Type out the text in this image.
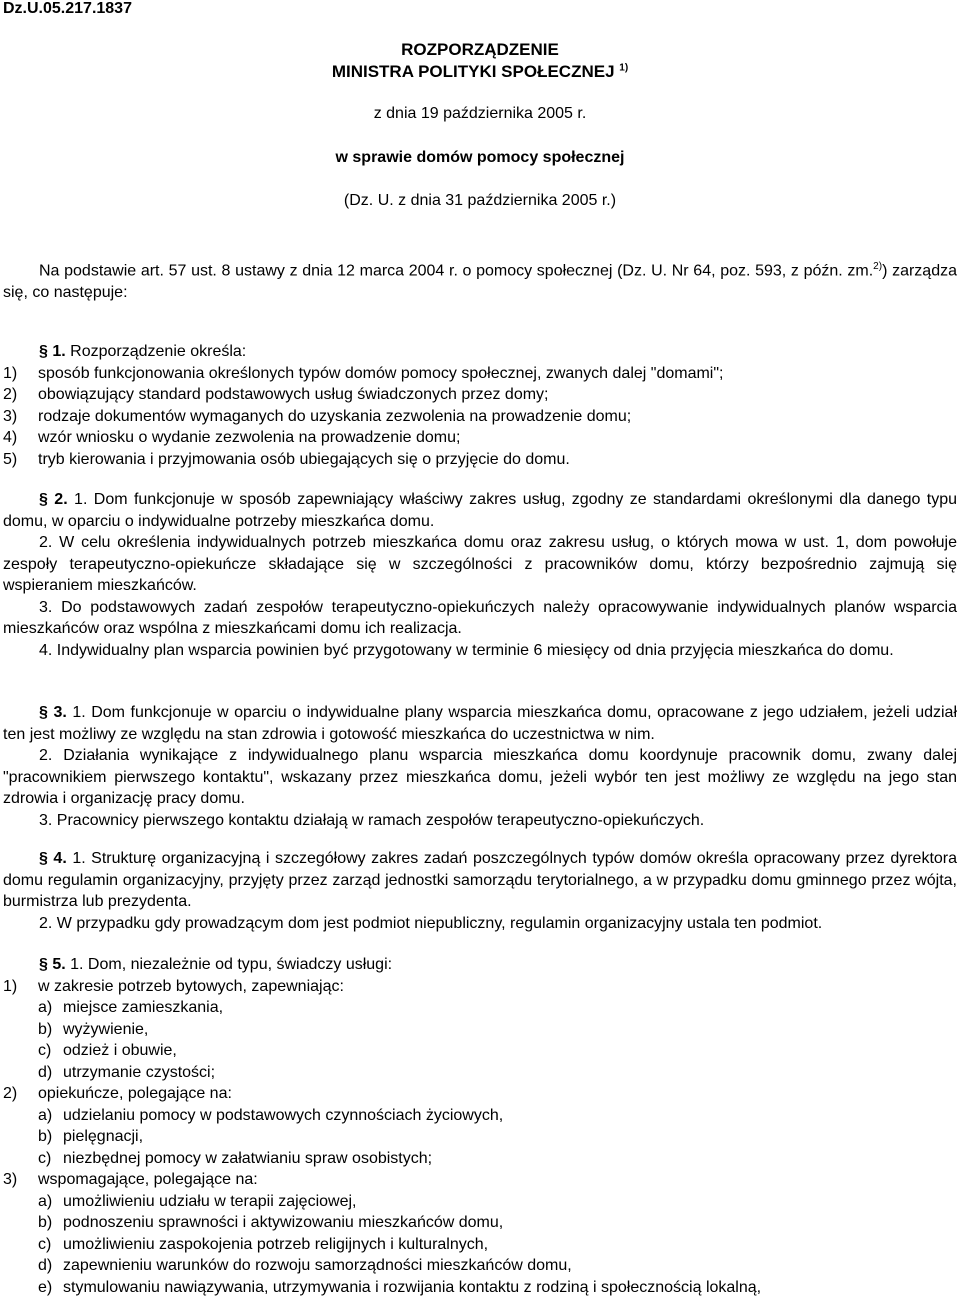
Dz.U.05.217.1837
ROZPORZĄDZENIE
MINISTRA POLITYKI SPOŁECZNEJ $^{1)}$
z dnia 19 października 2005 r.
w sprawie domów pomocy społecznej
(Dz. U. z dnia 31 października 2005 r.)

Na podstawie art. 57 ust. 8 ustawy z dnia 12 marca 2004 r. o pomocy społecznej (Dz. U. Nr 64, poz. 593, z późn. zm.$^{2)}$) zarządza się, co następuje:

§ 1. Rozporządzenie określa:

1)	sposób funkcjonowania określonych typów domów pomocy społecznej, zwanych dalej "domami";
2)	obowiązujący standard podstawowych usług świadczonych przez domy;
3)	rodzaje dokumentów wymaganych do uzyskania zezwolenia na prowadzenie domu;
4)	wzór wniosku o wydanie zezwolenia na prowadzenie domu;
5)	tryb kierowania i przyjmowania osób ubiegających się o przyjęcie do domu.

§ 2. 1. Dom funkcjonuje w sposób zapewniający właściwy zakres usług, zgodny ze standardami określonymi dla danego typu domu, w oparciu o indywidualne potrzeby mieszkańca domu.

2. W celu określenia indywidualnych potrzeb mieszkańca domu oraz zakresu usług, o których mowa w ust. 1, dom powołuje zespoły terapeutyczno-opiekuńcze składające się w szczególności z pracowników domu, którzy bezpośrednio zajmują się wspieraniem mieszkańców.

3. Do podstawowych zadań zespołów terapeutyczno-opiekuńczych należy opracowywanie indywidualnych planów wsparcia mieszkańców oraz wspólna z mieszkańcami domu ich realizacja.

4. Indywidualny plan wsparcia powinien być przygotowany w terminie 6 miesięcy od dnia przyjęcia mieszkańca do domu.

§ 3. 1. Dom funkcjonuje w oparciu o indywidualne plany wsparcia mieszkańca domu, opracowane z jego udziałem, jeżeli udział ten jest możliwy ze względu na stan zdrowia i gotowość mieszkańca do uczestnictwa w nim.

2. Działania wynikające z indywidualnego planu wsparcia mieszkańca domu koordynuje pracownik domu, zwany dalej "pracownikiem pierwszego kontaktu", wskazany przez mieszkańca domu, jeżeli wybór ten jest możliwy ze względu na jego stan zdrowia i organizację pracy domu.

3. Pracownicy pierwszego kontaktu działają w ramach zespołów terapeutyczno-opiekuńczych.

§ 4. 1. Strukturę organizacyjną i szczegółowy zakres zadań poszczególnych typów domów określa opracowany przez dyrektora domu regulamin organizacyjny, przyjęty przez zarząd jednostki samorządu terytorialnego, a w przypadku domu gminnego przez wójta, burmistrza lub prezydenta.

2. W przypadku gdy prowadzącym dom jest podmiot niepubliczny, regulamin organizacyjny ustala ten podmiot.

§ 5. 1. Dom, niezależnie od typu, świadczy usługi:

1)	w zakresie potrzeb bytowych, zapewniając:
a) miejsce zamieszkania,
b) wyżywienie,
c) odzież i obuwie,
d) utrzymanie czystości;
2)	opiekuńcze, polegające na:
a) udzielaniu pomocy w podstawowych czynnościach życiowych,
b) pielęgnacji,
c) niezbędnej pomocy w załatwianiu spraw osobistych;
3)	wspomagające, polegające na:
a) umożliwieniu udziału w terapii zajęciowej,
b) podnoszeniu sprawności i aktywizowaniu mieszkańców domu,
c) umożliwieniu zaspokojenia potrzeb religijnych i kulturalnych,
d) zapewnieniu warunków do rozwoju samorządności mieszkańców domu,
e) stymulowaniu nawiązywania, utrzymywania i rozwijania kontaktu z rodziną i społecznością lokalną,
